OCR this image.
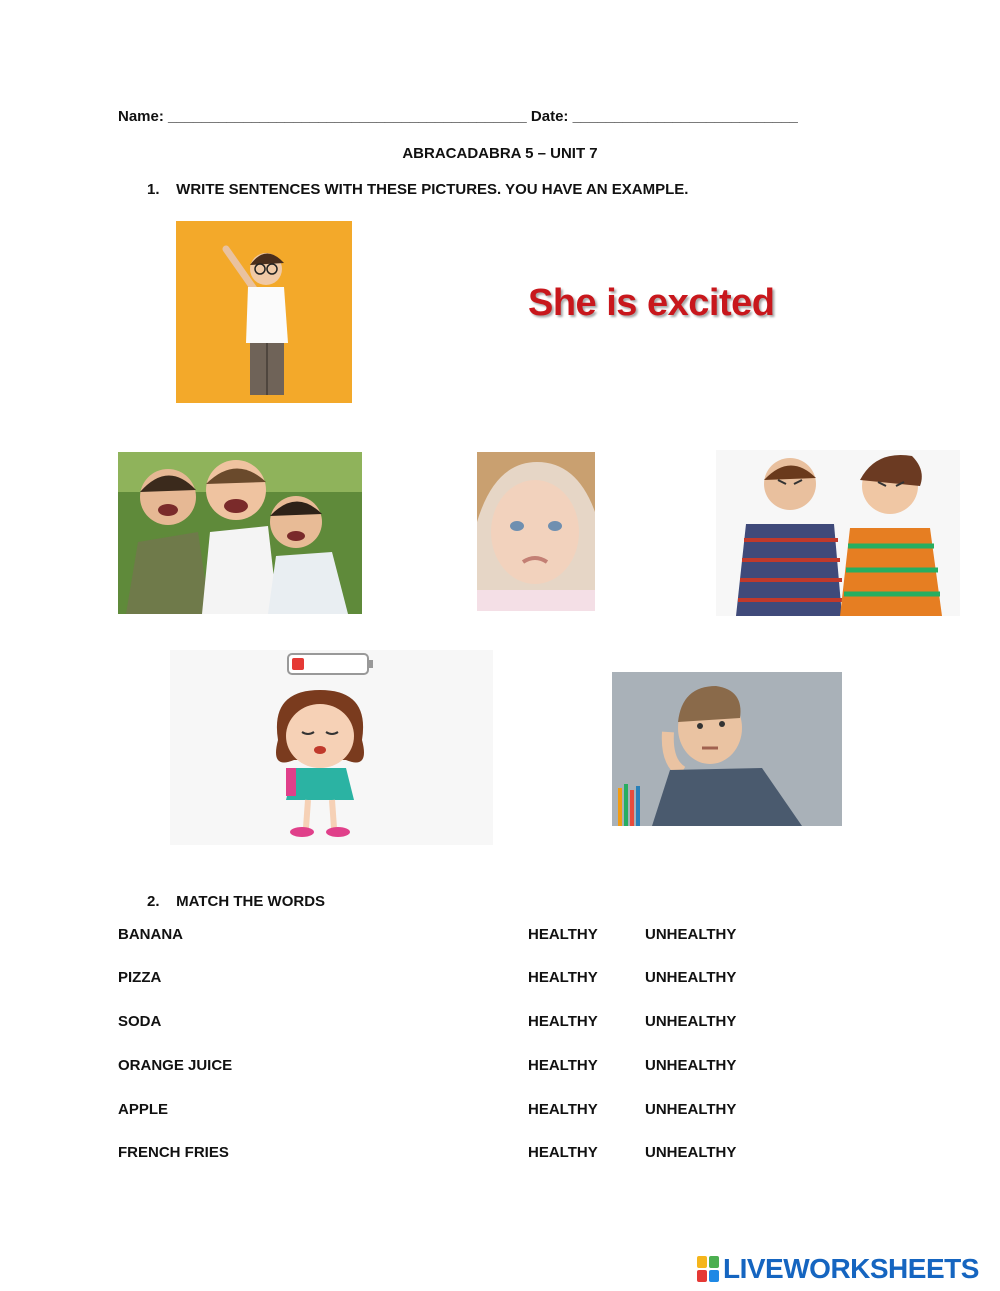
Name: ___________________________________________ Date: ___________________________
ABRACADABRA 5 – UNIT 7
1.    WRITE SENTENCES WITH THESE PICTURES. YOU HAVE AN EXAMPLE.
She is excited
2.    MATCH THE WORDS
BANANA	HEALTHY	UNHEALTHY
PIZZA	HEALTHY	UNHEALTHY
SODA	HEALTHY	UNHEALTHY
ORANGE JUICE	HEALTHY	UNHEALTHY
APPLE	HEALTHY	UNHEALTHY
FRENCH FRIES	HEALTHY	UNHEALTHY
LIVEWORKSHEETS
